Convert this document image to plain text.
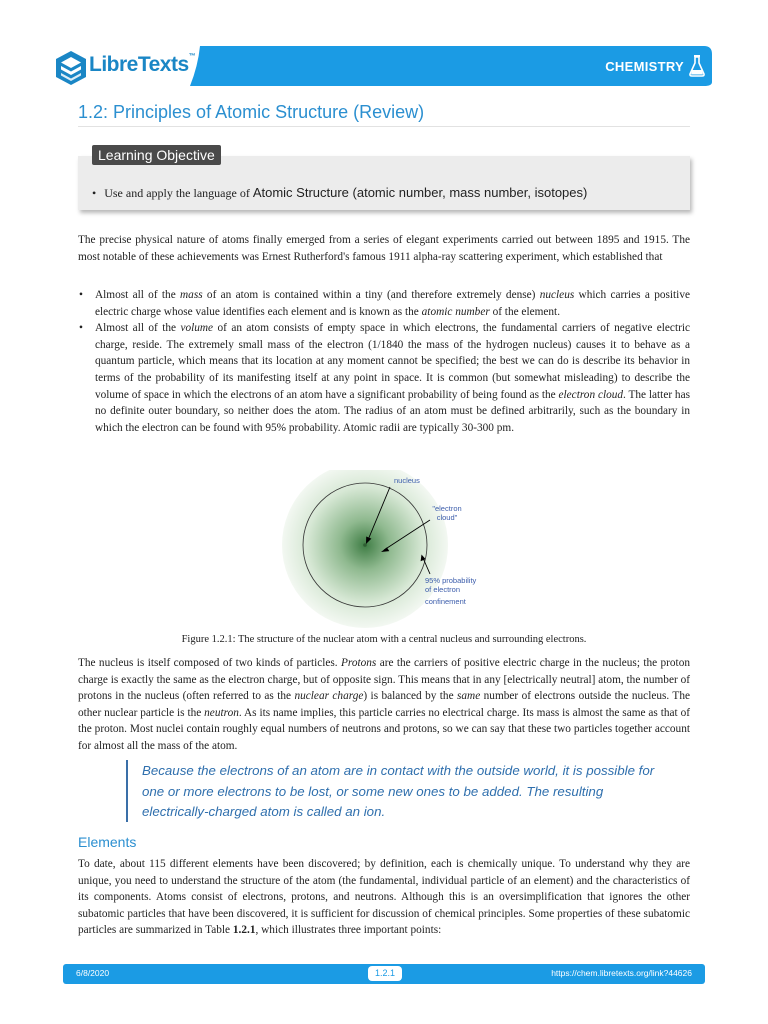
LibreTexts™
CHEMISTRY
1.2: Principles of Atomic Structure (Review)
Learning Objective
• Use and apply the language of Atomic Structure (atomic number, mass number, isotopes)
The precise physical nature of atoms finally emerged from a series of elegant experiments carried out between 1895 and 1915. The most notable of these achievements was Ernest Rutherford's famous 1911 alpha-ray scattering experiment, which established that
• Almost all of the mass of an atom is contained within a tiny (and therefore extremely dense) nucleus which carries a positive electric charge whose value identifies each element and is known as the atomic number of the element.
• Almost all of the volume of an atom consists of empty space in which electrons, the fundamental carriers of negative electric charge, reside. The extremely small mass of the electron (1/1840 the mass of the hydrogen nucleus) causes it to behave as a quantum particle, which means that its location at any moment cannot be specified; the best we can do is describe its behavior in terms of the probability of its manifesting itself at any point in space. It is common (but somewhat misleading) to describe the volume of space in which the electrons of an atom have a significant probability of being found as the electron cloud. The latter has no definite outer boundary, so neither does the atom. The radius of an atom must be defined arbitrarily, such as the boundary in which the electron can be found with 95% probability. Atomic radii are typically 30-300 pm.
nucleus
"electron
cloud"
95% probability
of electron
confinement
Figure 1.2.1: The structure of the nuclear atom with a central nucleus and surrounding electrons.
The nucleus is itself composed of two kinds of particles. Protons are the carriers of positive electric charge in the nucleus; the proton charge is exactly the same as the electron charge, but of opposite sign. This means that in any [electrically neutral] atom, the number of protons in the nucleus (often referred to as the nuclear charge) is balanced by the same number of electrons outside the nucleus. The other nuclear particle is the neutron. As its name implies, this particle carries no electrical charge. Its mass is almost the same as that of the proton. Most nuclei contain roughly equal numbers of neutrons and protons, so we can say that these two particles together account for almost all the mass of the atom.
Because the electrons of an atom are in contact with the outside world, it is possible for one or more electrons to be lost, or some new ones to be added. The resulting electrically-charged atom is called an ion.
Elements
To date, about 115 different elements have been discovered; by definition, each is chemically unique. To understand why they are unique, you need to understand the structure of the atom (the fundamental, individual particle of an element) and the characteristics of its components. Atoms consist of electrons, protons, and neutrons. Although this is an oversimplification that ignores the other subatomic particles that have been discovered, it is sufficient for discussion of chemical principles. Some properties of these subatomic particles are summarized in Table 1.2.1, which illustrates three important points:
6/8/2020	1.2.1	https://chem.libretexts.org/link?44626
